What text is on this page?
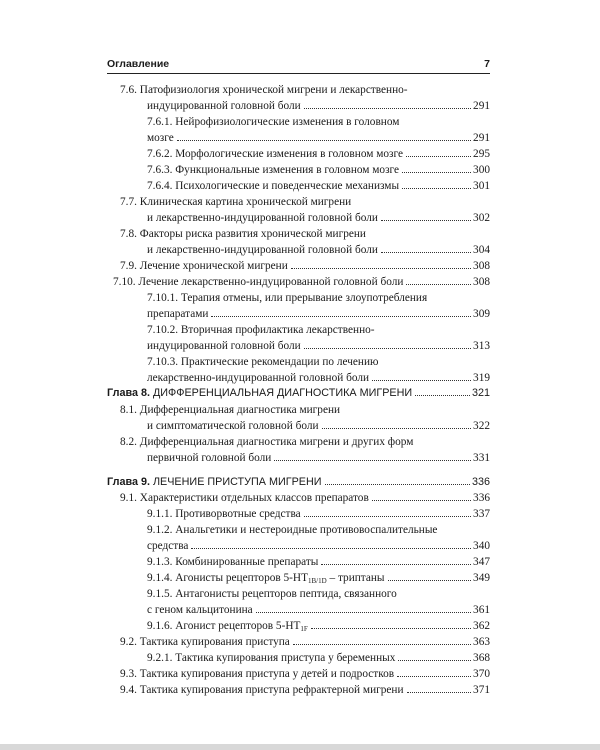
Оглавление	7
7.6. Патофизиология хронической мигрени и лекарственно-
индуцированной головной боли	291
7.6.1. Нейрофизиологические изменения в головном
мозге	291
7.6.2. Морфологические изменения в головном мозге	295
7.6.3. Функциональные изменения в головном мозге	300
7.6.4. Психологические и поведенческие механизмы	301
7.7. Клиническая картина хронической мигрени
и лекарственно-индуцированной головной боли	302
7.8. Факторы риска развития хронической мигрени
и лекарственно-индуцированной головной боли	304
7.9. Лечение хронической мигрени	308
7.10. Лечение лекарственно-индуцированной головной боли	308
7.10.1. Терапия отмены, или прерывание злоупотребления
препаратами	309
7.10.2. Вторичная профилактика лекарственно-
индуцированной головной боли	313
7.10.3. Практические рекомендации по лечению
лекарственно-индуцированной головной боли	319
Глава 8. ДИФФЕРЕНЦИАЛЬНАЯ ДИАГНОСТИКА МИГРЕНИ	321
8.1. Дифференциальная диагностика мигрени
и симптоматической головной боли	322
8.2. Дифференциальная диагностика мигрени и других форм
первичной головной боли	331
Глава 9. ЛЕЧЕНИЕ ПРИСТУПА МИГРЕНИ	336
9.1. Характеристики отдельных классов препаратов	336
9.1.1. Противорвотные средства	337
9.1.2. Анальгетики и нестероидные противовоспалительные
средства	340
9.1.3. Комбинированные препараты	347
9.1.4. Агонисты рецепторов $5-HT_{1B/1D}$ – триптаны	349
9.1.5. Антагонисты рецепторов пептида, связанного
с геном кальцитонина	361
9.1.6. Агонист рецепторов $5-HT_{1F}$	362
9.2. Тактика купирования приступа	363
9.2.1. Тактика купирования приступа у беременных	368
9.3. Тактика купирования приступа у детей и подростков	370
9.4. Тактика купирования приступа рефрактерной мигрени	371
